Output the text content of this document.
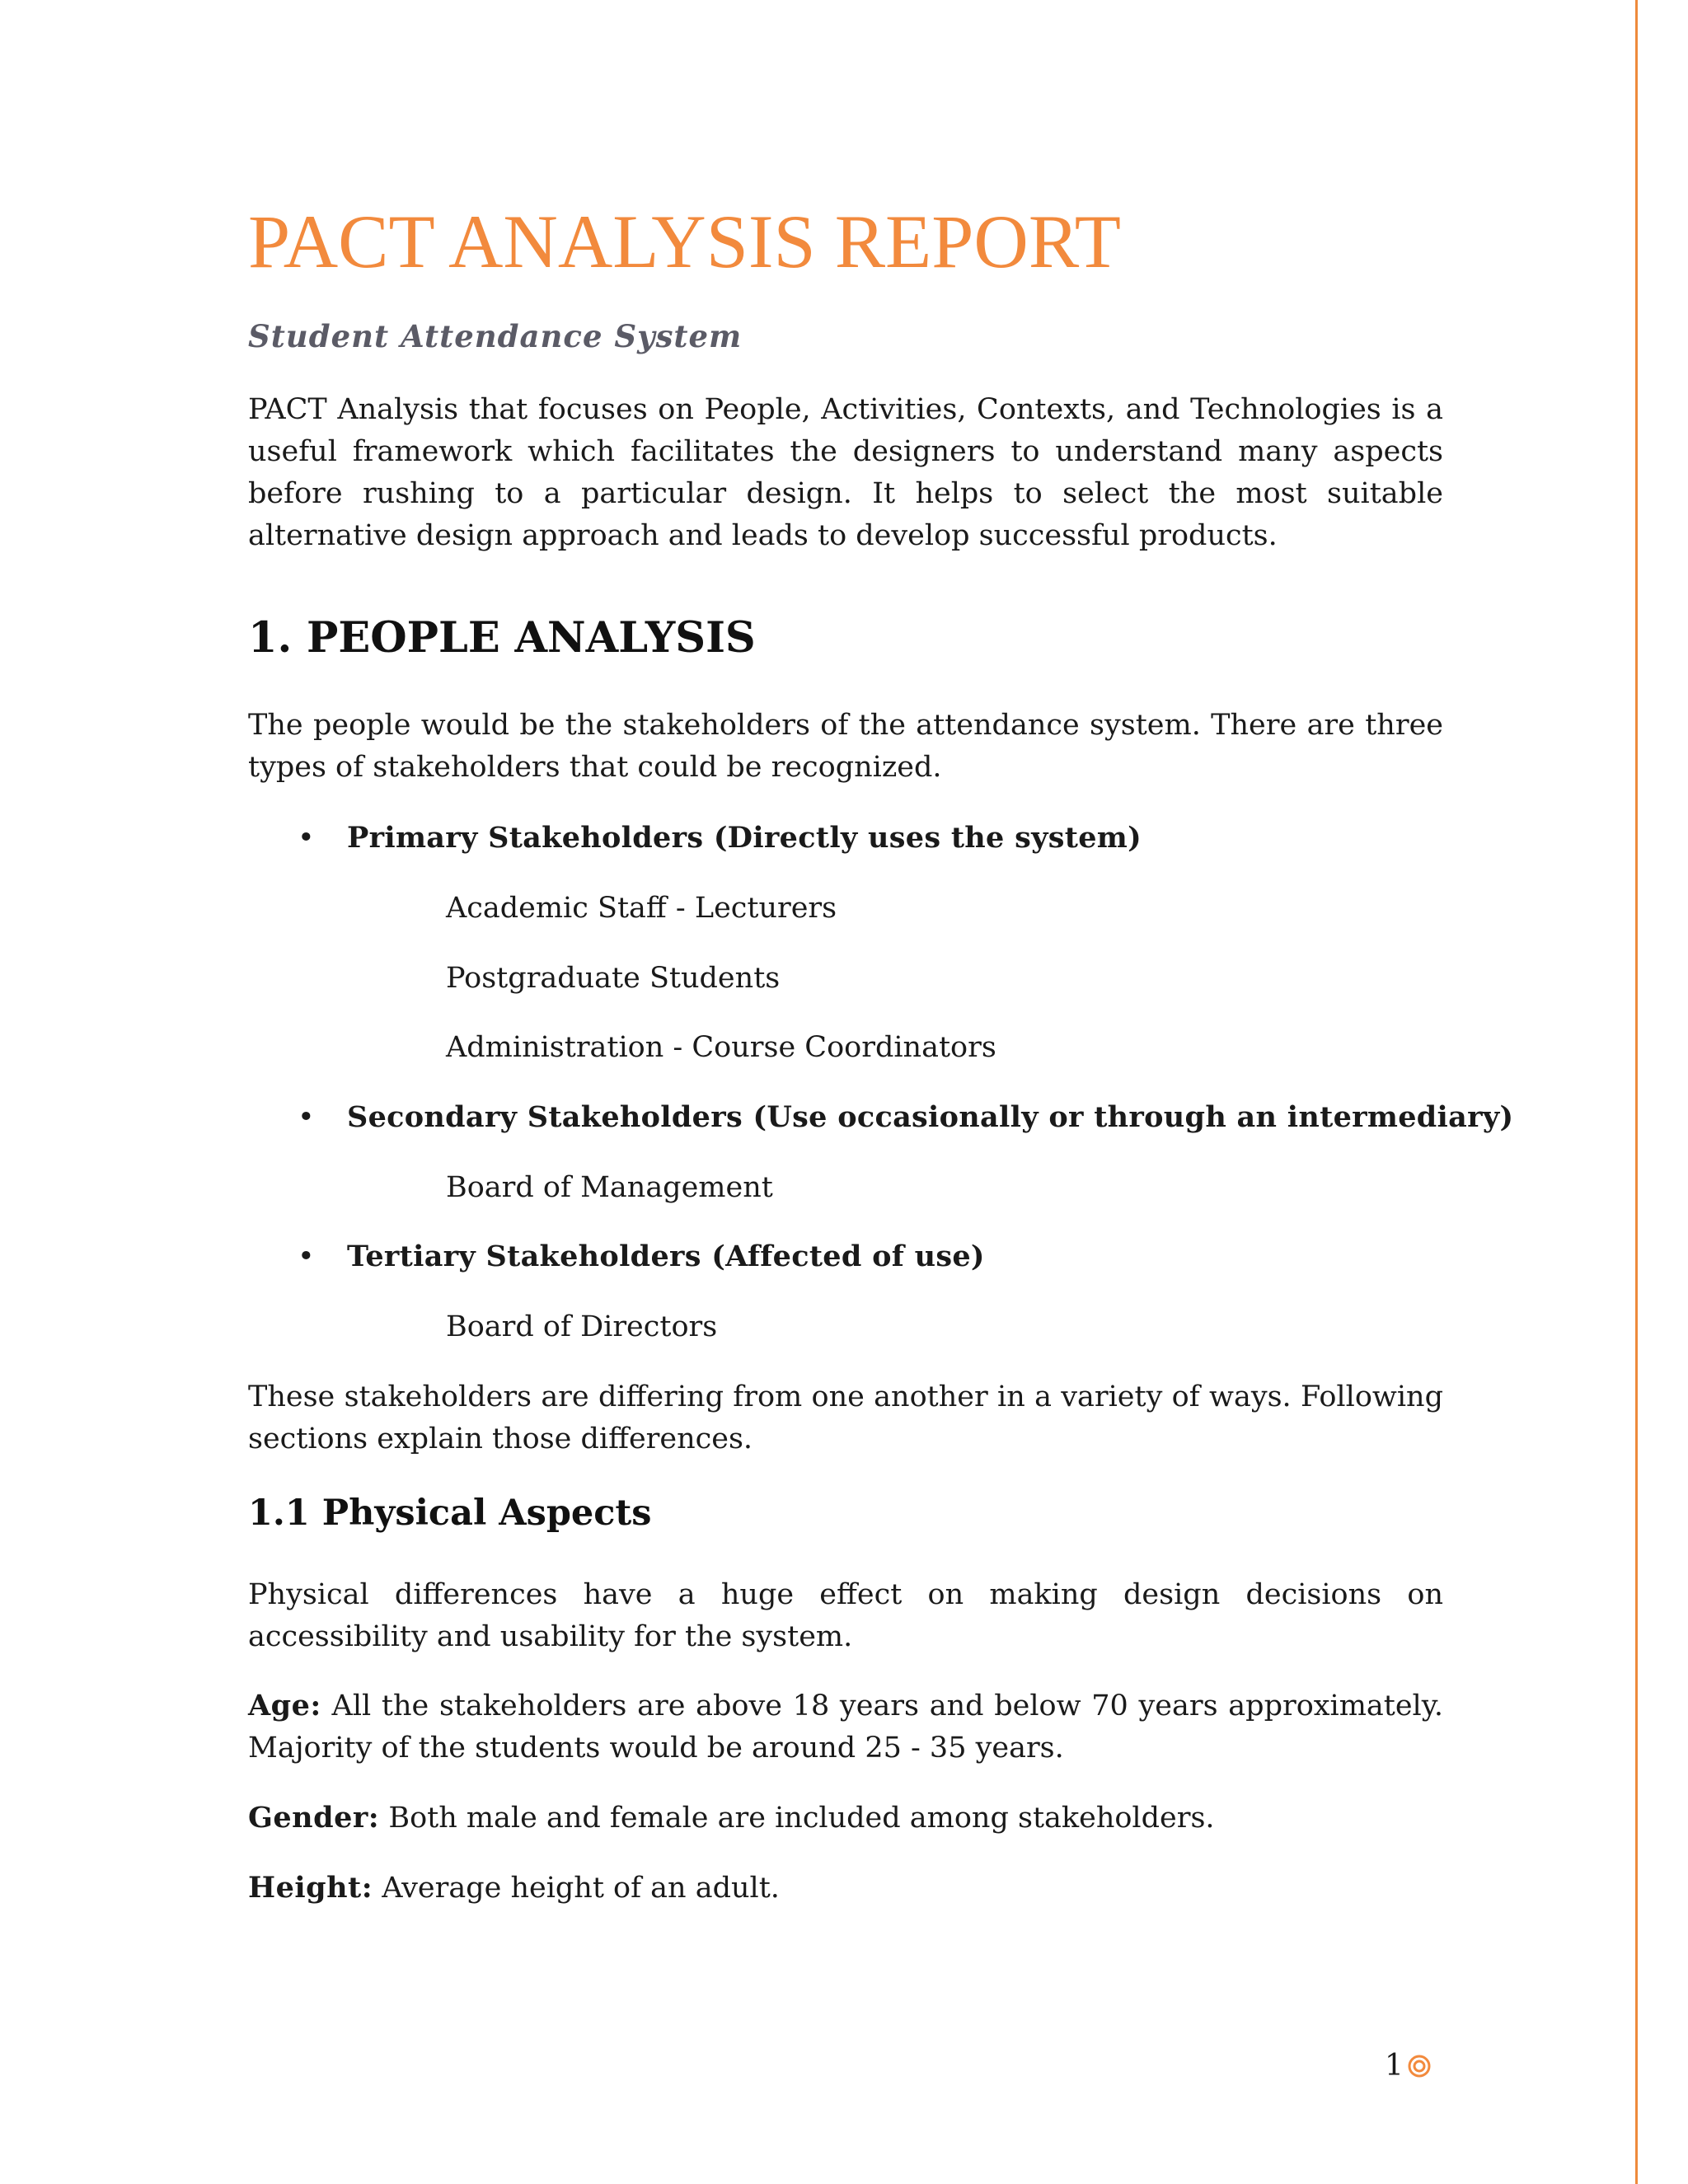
PACT ANALYSIS REPORT

Student Attendance System

PACT Analysis that focuses on People, Activities, Contexts, and Technologies is a useful framework which facilitates the designers to understand many aspects before rushing to a particular design. It helps to select the most suitable alternative design approach and leads to develop successful products.

1. PEOPLE ANALYSIS

The people would be the stakeholders of the attendance system. There are three types of stakeholders that could be recognized.

• Primary Stakeholders (Directly uses the system)

Academic Staff - Lecturers

Postgraduate Students

Administration - Course Coordinators

• Secondary Stakeholders (Use occasionally or through an intermediary)

Board of Management

• Tertiary Stakeholders (Affected of use)

Board of Directors

These stakeholders are differing from one another in a variety of ways. Following sections explain those differences.

1.1 Physical Aspects

Physical differences have a huge effect on making design decisions on accessibility and usability for the system.

Age: All the stakeholders are above 18 years and below 70 years approximately. Majority of the students would be around 25 - 35 years.

Gender: Both male and female are included among stakeholders.

Height: Average height of an adult.

1
